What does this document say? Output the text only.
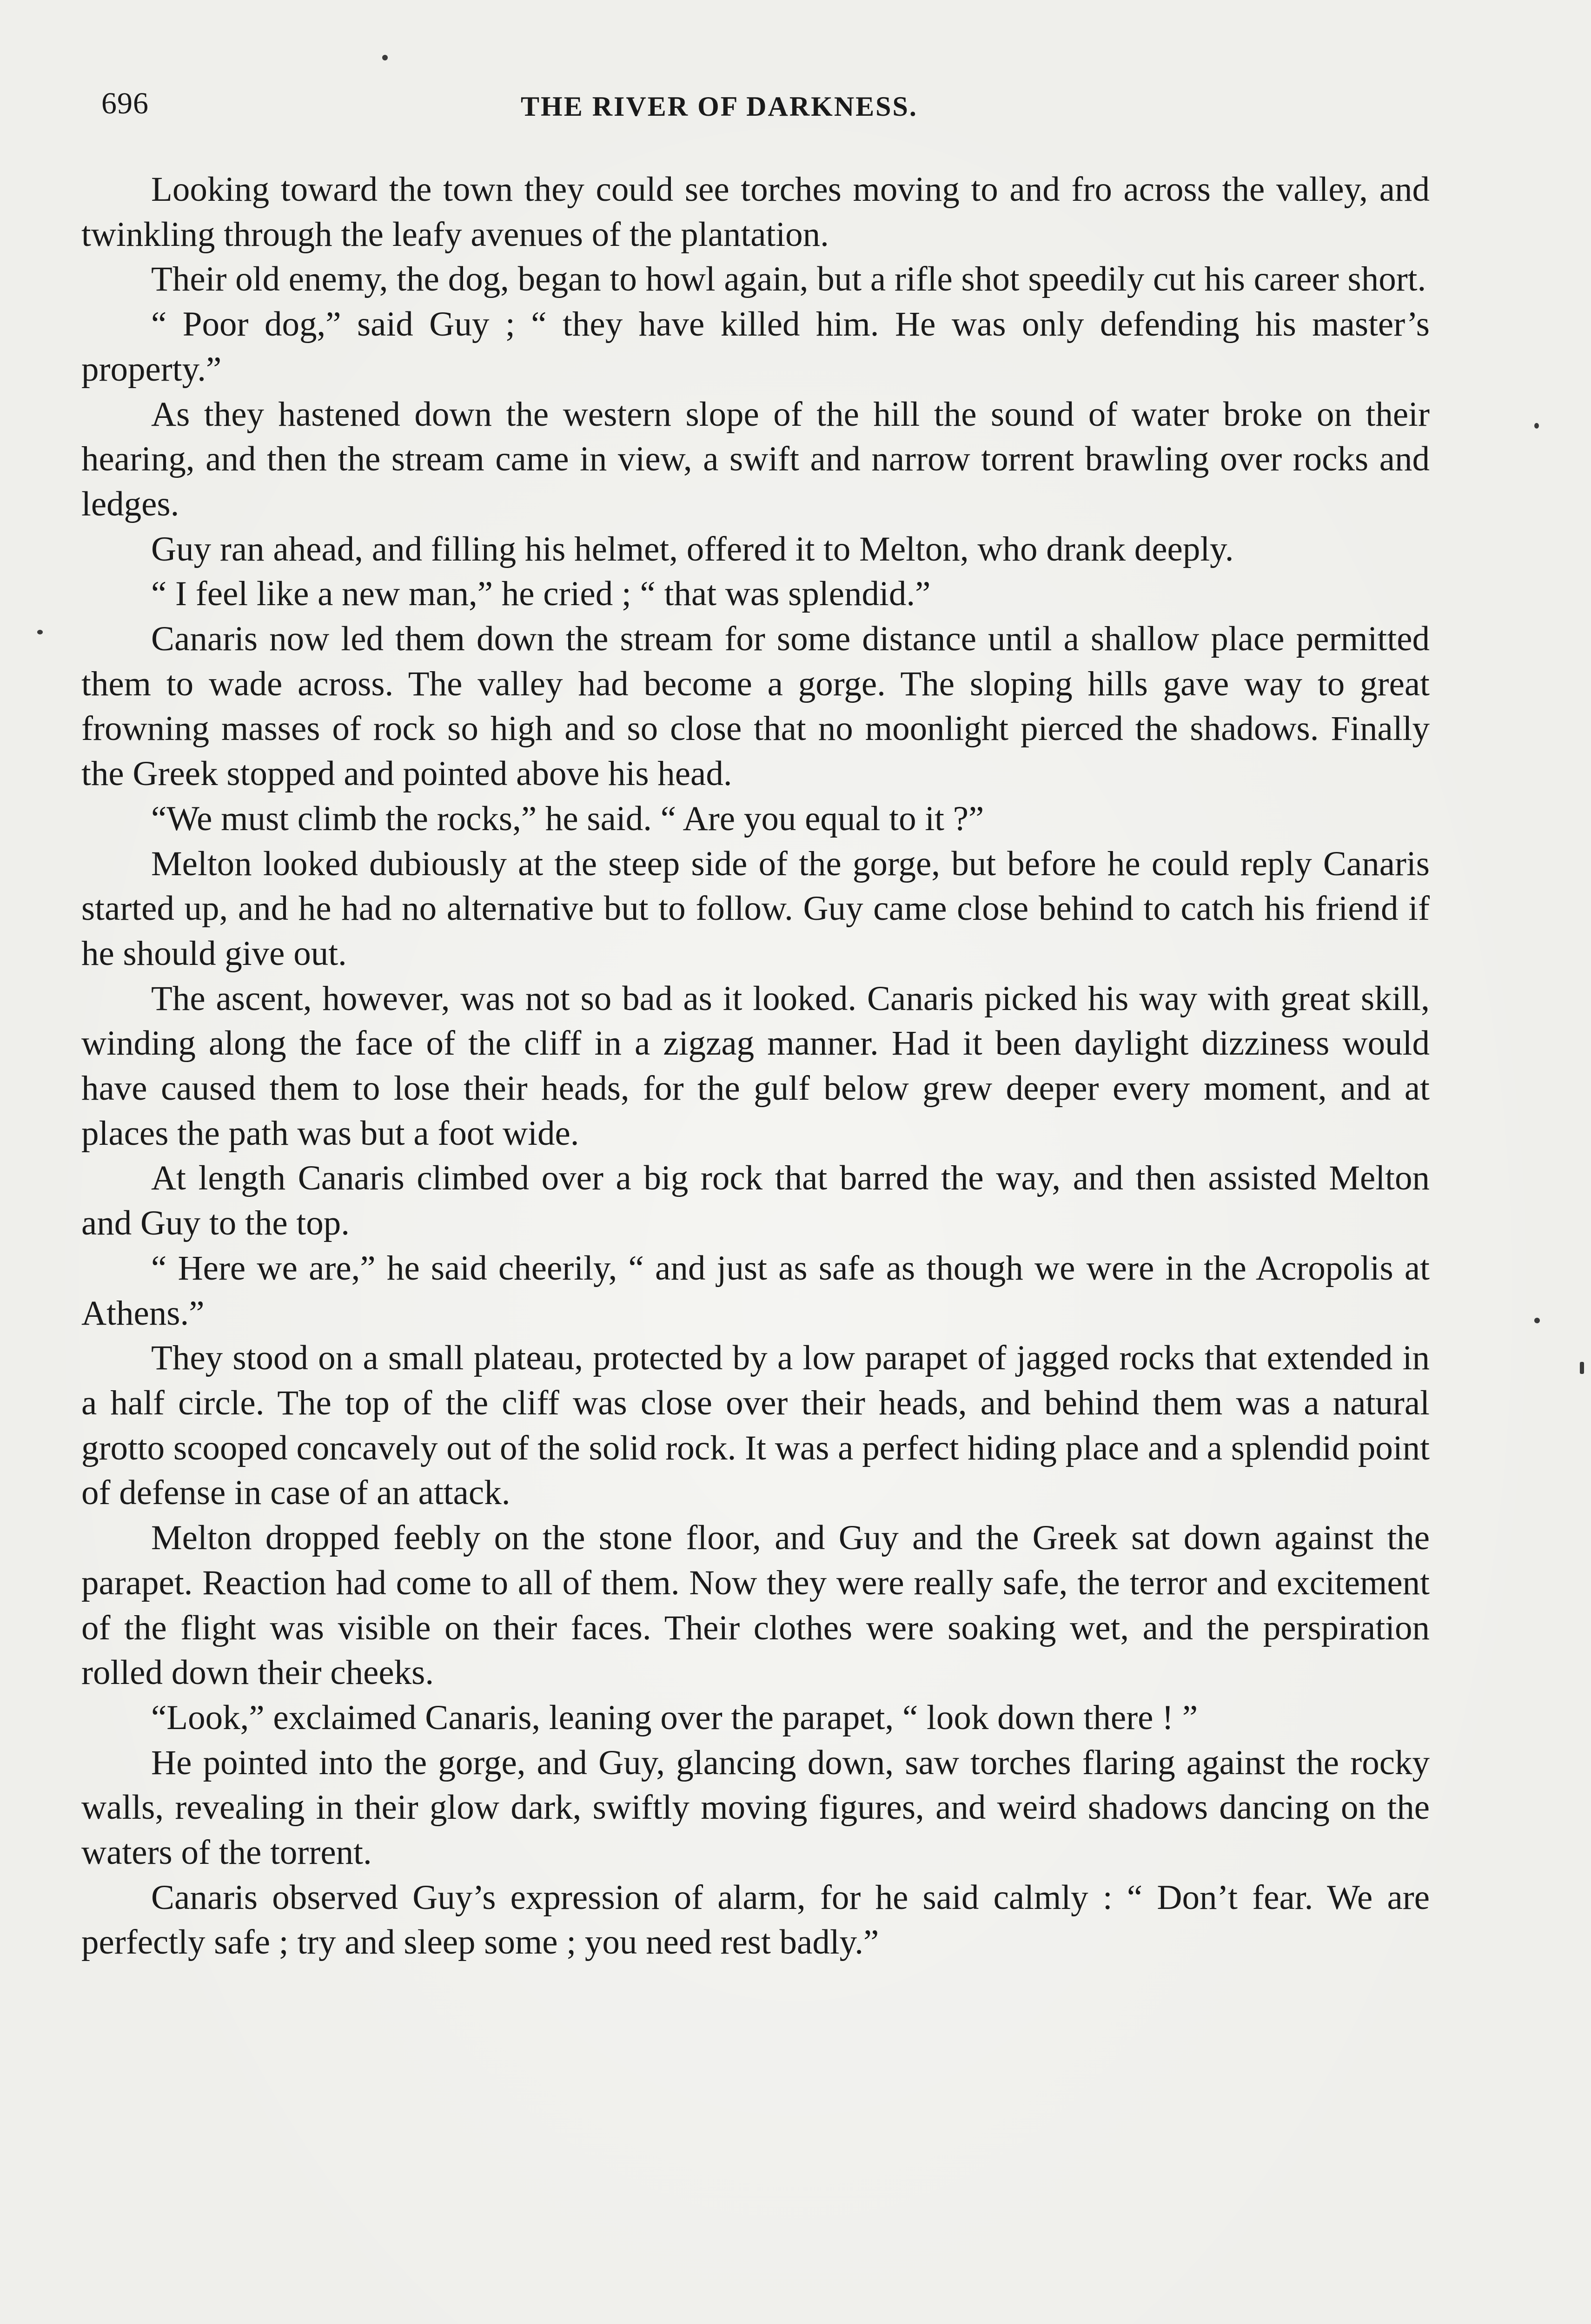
696	THE RIVER OF DARKNESS.

Looking toward the town they could see torches moving to and fro across the valley, and twinkling through the leafy avenues of the plantation.

Their old enemy, the dog, began to howl again, but a rifle shot speedily cut his career short.

“ Poor dog,” said Guy ; “ they have killed him. He was only defending his master’s property.”

As they hastened down the western slope of the hill the sound of water broke on their hearing, and then the stream came in view, a swift and narrow torrent brawling over rocks and ledges.

Guy ran ahead, and filling his helmet, offered it to Melton, who drank deeply.

“ I feel like a new man,” he cried ; “ that was splendid.”

Canaris now led them down the stream for some distance until a shallow place permitted them to wade across. The valley had become a gorge. The sloping hills gave way to great frowning masses of rock so high and so close that no moonlight pierced the shadows. Finally the Greek stopped and pointed above his head.

“We must climb the rocks,” he said. “ Are you equal to it ?”

Melton looked dubiously at the steep side of the gorge, but before he could reply Canaris started up, and he had no alternative but to follow. Guy came close behind to catch his friend if he should give out.

The ascent, however, was not so bad as it looked. Canaris picked his way with great skill, winding along the face of the cliff in a zigzag manner. Had it been daylight dizziness would have caused them to lose their heads, for the gulf below grew deeper every moment, and at places the path was but a foot wide.

At length Canaris climbed over a big rock that barred the way, and then assisted Melton and Guy to the top.

“ Here we are,” he said cheerily, “ and just as safe as though we were in the Acropolis at Athens.”

They stood on a small plateau, protected by a low parapet of jagged rocks that extended in a half circle. The top of the cliff was close over their heads, and behind them was a natural grotto scooped concavely out of the solid rock. It was a perfect hiding place and a splendid point of defense in case of an attack.

Melton dropped feebly on the stone floor, and Guy and the Greek sat down against the parapet. Reaction had come to all of them. Now they were really safe, the terror and excitement of the flight was visible on their faces. Their clothes were soaking wet, and the perspiration rolled down their cheeks.

“Look,” exclaimed Canaris, leaning over the parapet, “ look down there ! ”

He pointed into the gorge, and Guy, glancing down, saw torches flaring against the rocky walls, revealing in their glow dark, swiftly moving figures, and weird shadows dancing on the waters of the torrent.

Canaris observed Guy’s expression of alarm, for he said calmly : “ Don’t fear. We are perfectly safe ; try and sleep some ; you need rest badly.”
